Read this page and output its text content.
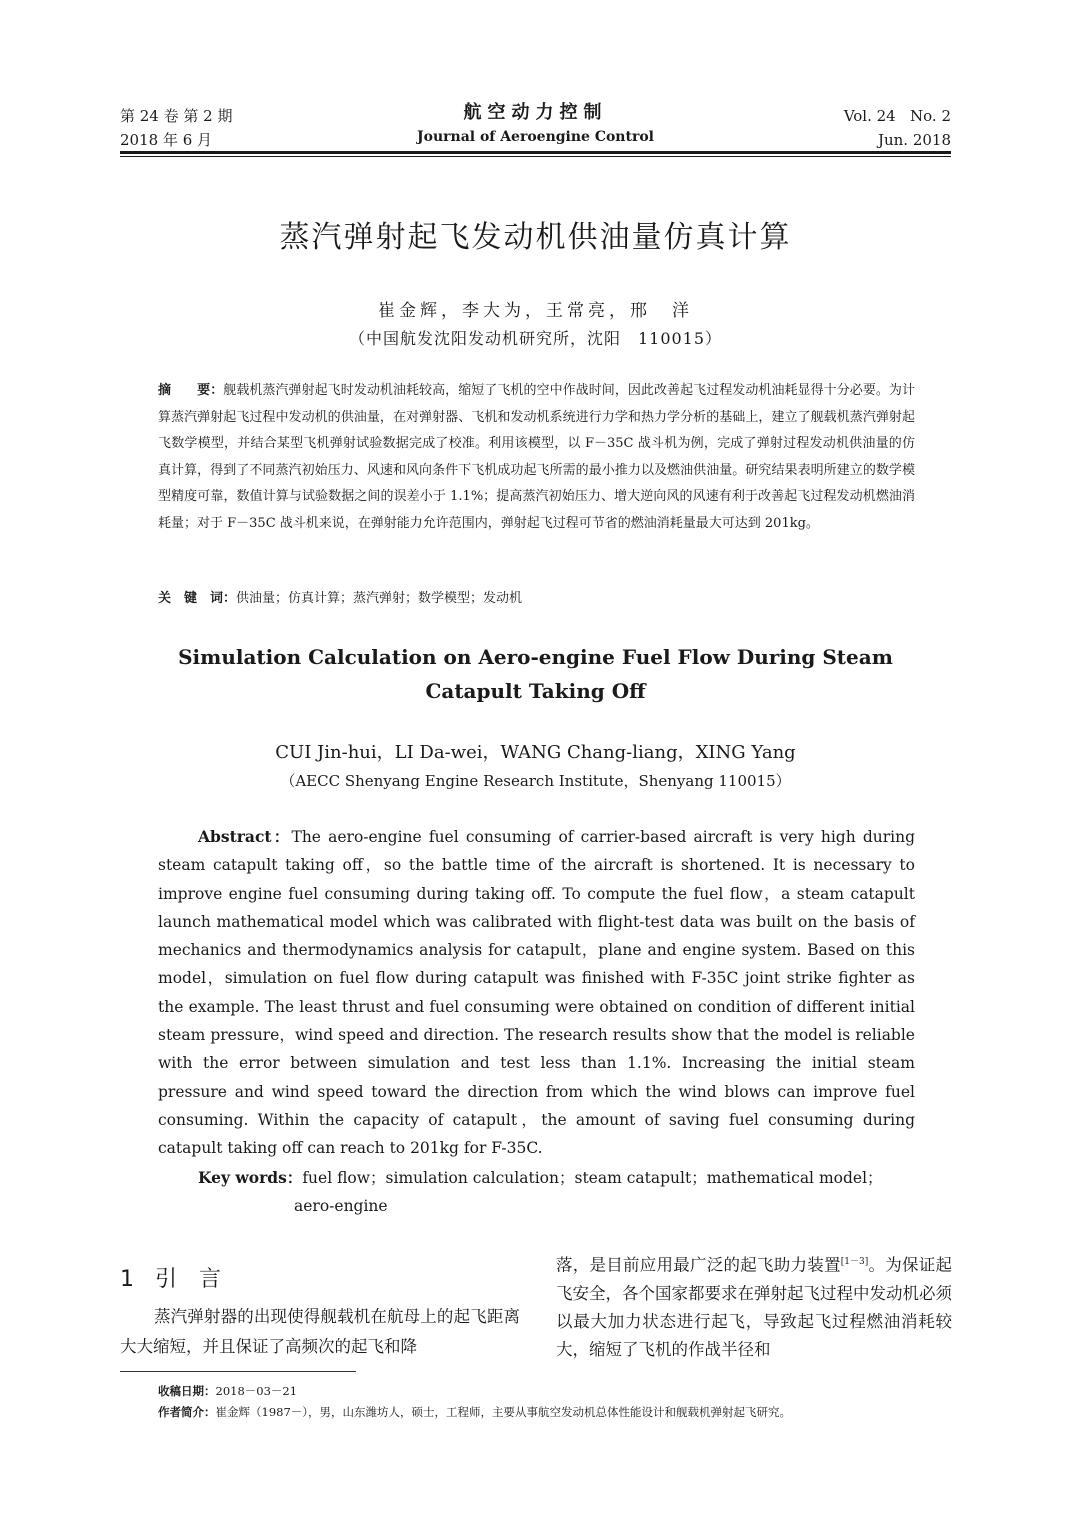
第 24 卷 第 2 期
2018 年 6 月
航空动力控制
Journal of Aeroengine Control
Vol. 24   No. 2
Jun. 2018
蒸汽弹射起飞发动机供油量仿真计算
崔金辉，李大为，王常亮，邢　洋
（中国航发沈阳发动机研究所，沈阳　110015）
摘　　要：舰载机蒸汽弹射起飞时发动机油耗较高，缩短了飞机的空中作战时间，因此改善起飞过程发动机油耗显得十分必要。为计算蒸汽弹射起飞过程中发动机的供油量，在对弹射器、飞机和发动机系统进行力学和热力学分析的基础上，建立了舰载机蒸汽弹射起飞数学模型，并结合某型飞机弹射试验数据完成了校准。利用该模型，以 F－35C 战斗机为例，完成了弹射过程发动机供油量的仿真计算，得到了不同蒸汽初始压力、风速和风向条件下飞机成功起飞所需的最小推力以及燃油供油量。研究结果表明所建立的数学模型精度可靠，数值计算与试验数据之间的误差小于 1.1%；提高蒸汽初始压力、增大逆向风的风速有利于改善起飞过程发动机燃油消耗量；对于 F－35C 战斗机来说，在弹射能力允许范围内，弹射起飞过程可节省的燃油消耗量最大可达到 201kg。
关　键　词：供油量；仿真计算；蒸汽弹射；数学模型；发动机
Simulation Calculation on Aero-engine Fuel Flow During Steam Catapult Taking Off
CUI Jin-hui，LI Da-wei，WANG Chang-liang，XING Yang
（AECC Shenyang Engine Research Institute，Shenyang 110015）
Abstract：The aero-engine fuel consuming of carrier-based aircraft is very high during steam catapult taking off，so the battle time of the aircraft is shortened. It is necessary to improve engine fuel consuming during taking off. To compute the fuel flow，a steam catapult launch mathematical model which was calibrated with flight-test data was built on the basis of mechanics and thermodynamics analysis for catapult，plane and engine system. Based on this model，simulation on fuel flow during catapult was finished with F-35C joint strike fighter as the example. The least thrust and fuel consuming were obtained on condition of different initial steam pressure，wind speed and direction. The research results show that the model is reliable with the error between simulation and test less than 1.1%. Increasing the initial steam pressure and wind speed toward the direction from which the wind blows can improve fuel consuming. Within the capacity of catapult，the amount of saving fuel consuming during catapult taking off can reach to 201kg for F-35C.
Key words：fuel flow；simulation calculation；steam catapult；mathematical model；
aero-engine
1 引　言
蒸汽弹射器的出现使得舰载机在航母上的起飞距离大大缩短，并且保证了高频次的起飞和降
落，是目前应用最广泛的起飞助力装置[1－3]。为保证起飞安全，各个国家都要求在弹射起飞过程中发动机必须以最大加力状态进行起飞，导致起飞过程燃油消耗较大，缩短了飞机的作战半径和
收稿日期：2018－03－21
作者简介：崔金辉（1987－），男，山东潍坊人，硕士，工程师，主要从事航空发动机总体性能设计和舰载机弹射起飞研究。
